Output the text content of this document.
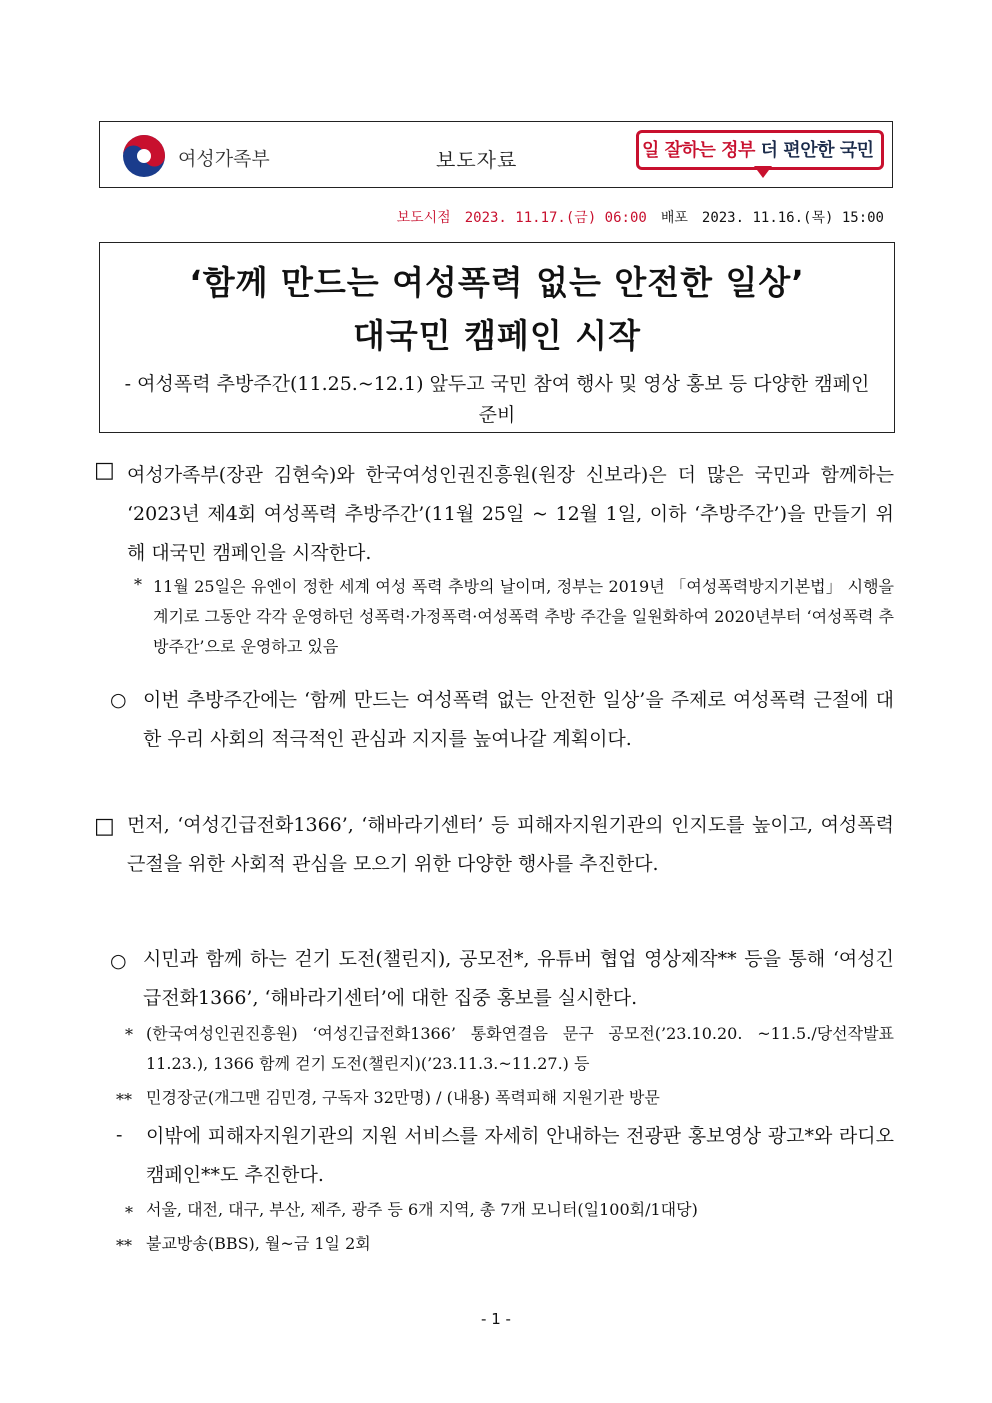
여성가족부	보도자료	일 잘하는 정부 더 편안한 국민
보도시점 2023. 11.17.(금) 06:00 배포 2023. 11.16.(목) 15:00
‘함께 만드는 여성폭력 없는 안전한 일상’
대국민 캠페인 시작
- 여성폭력 추방주간(11.25.~12.1) 앞두고 국민 참여 행사 및 영상 홍보 등 다양한 캠페인 준비
□ 여성가족부(장관 김현숙)와 한국여성인권진흥원(원장 신보라)은 더 많은 국민과 함께하는 ‘2023년 제4회 여성폭력 추방주간’(11월 25일 ~ 12월 1일, 이하 ‘추방주간’)을 만들기 위해 대국민 캠페인을 시작한다.
* 11월 25일은 유엔이 정한 세계 여성 폭력 추방의 날이며, 정부는 2019년 「여성폭력방지기본법」 시행을 계기로 그동안 각각 운영하던 성폭력·가정폭력·여성폭력 추방 주간을 일원화하여 2020년부터 ‘여성폭력 추방주간’으로 운영하고 있음
○ 이번 추방주간에는 ‘함께 만드는 여성폭력 없는 안전한 일상’을 주제로 여성폭력 근절에 대한 우리 사회의 적극적인 관심과 지지를 높여나갈 계획이다.
□ 먼저, ‘여성긴급전화1366’, ‘해바라기센터’ 등 피해자지원기관의 인지도를 높이고, 여성폭력 근절을 위한 사회적 관심을 모으기 위한 다양한 행사를 추진한다.
○ 시민과 함께 하는 걷기 도전(챌린지), 공모전*, 유튜버 협업 영상제작** 등을 통해 ‘여성긴급전화1366’, ‘해바라기센터’에 대한 집중 홍보를 실시한다.
* (한국여성인권진흥원) ‘여성긴급전화1366’ 통화연결음 문구 공모전(’23.10.20. ~11.5./당선작발표 11.23.), 1366 함께 걷기 도전(챌린지)(’23.11.3.~11.27.) 등
** 민경장군(개그맨 김민경, 구독자 32만명) / (내용) 폭력피해 지원기관 방문
- 이밖에 피해자지원기관의 지원 서비스를 자세히 안내하는 전광판 홍보영상 광고*와 라디오 캠페인**도 추진한다.
* 서울, 대전, 대구, 부산, 제주, 광주 등 6개 지역, 총 7개 모니터(일100회/1대당)
** 불교방송(BBS), 월~금 1일 2회
- 1 -
